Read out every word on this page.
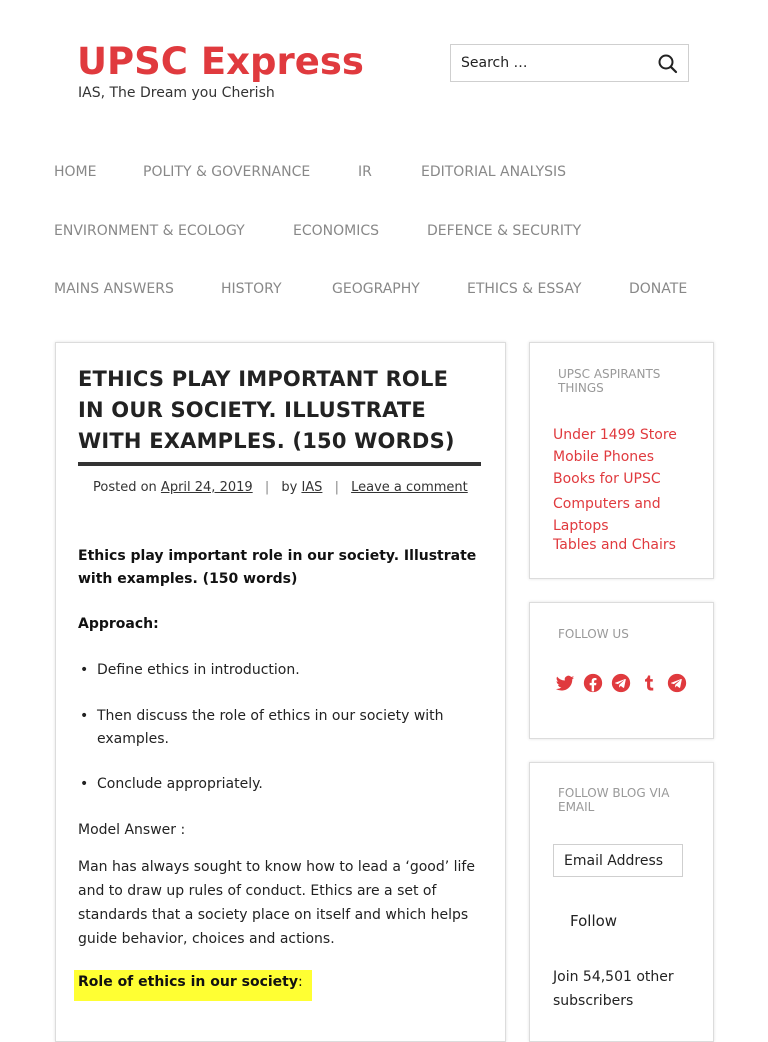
UPSC Express
IAS, The Dream you Cherish
Search …
HOME	POLITY & GOVERNANCE	IR	EDITORIAL ANALYSIS
ENVIRONMENT & ECOLOGY	ECONOMICS	DEFENCE & SECURITY
MAINS ANSWERS	HISTORY	GEOGRAPHY	ETHICS & ESSAY	DONATE
ETHICS PLAY IMPORTANT ROLE IN OUR SOCIETY. ILLUSTRATE WITH EXAMPLES. (150 WORDS)
Posted on April 24, 2019 | by IAS | Leave a comment
Ethics play important role in our society. Illustrate with examples. (150 words)
Approach:
• Define ethics in introduction.
• Then discuss the role of ethics in our society with examples.
• Conclude appropriately.
Model Answer :
Man has always sought to know how to lead a ‘good’ life and to draw up rules of conduct. Ethics are a set of standards that a society place on itself and which helps guide behavior, choices and actions.
Role of ethics in our society:
UPSC ASPIRANTS THINGS
Under 1499 Store
Mobile Phones
Books for UPSC
Computers and Laptops
Tables and Chairs
FOLLOW US
FOLLOW BLOG VIA EMAIL
Email Address
Follow
Join 54,501 other subscribers
